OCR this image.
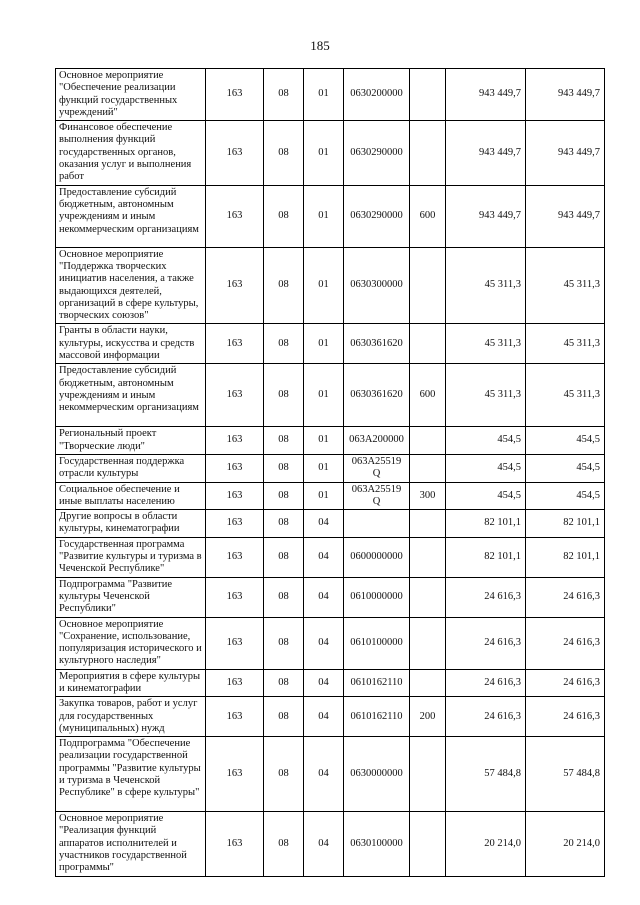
185
Основное мероприятие "Обеспечение реализации функций государственных учреждений"	163	08	01	0630200000		943 449,7	943 449,7
Финансовое обеспечение выполнения функций государственных органов, оказания услуг и выполнения работ	163	08	01	0630290000		943 449,7	943 449,7
Предоставление субсидий бюджетным, автономным учреждениям и иным некоммерческим организациям	163	08	01	0630290000	600	943 449,7	943 449,7
Основное мероприятие "Поддержка творческих инициатив населения, а также выдающихся деятелей, организаций в сфере культуры, творческих союзов"	163	08	01	0630300000		45 311,3	45 311,3
Гранты в области науки, культуры, искусства и средств массовой информации	163	08	01	0630361620		45 311,3	45 311,3
Предоставление субсидий бюджетным, автономным учреждениям и иным некоммерческим организациям	163	08	01	0630361620	600	45 311,3	45 311,3
Региональный проект "Творческие люди"	163	08	01	063A200000		454,5	454,5
Государственная поддержка отрасли культуры	163	08	01	063A25519 Q		454,5	454,5
Социальное обеспечение и иные выплаты населению	163	08	01	063A25519 Q	300	454,5	454,5
Другие вопросы в области культуры, кинематографии	163	08	04			82 101,1	82 101,1
Государственная программа "Развитие культуры и туризма в Чеченской Республике"	163	08	04	0600000000		82 101,1	82 101,1
Подпрограмма "Развитие культуры Чеченской Республики"	163	08	04	0610000000		24 616,3	24 616,3
Основное мероприятие "Сохранение, использование, популяризация исторического и культурного наследия"	163	08	04	0610100000		24 616,3	24 616,3
Мероприятия в сфере культуры и кинематографии	163	08	04	0610162110		24 616,3	24 616,3
Закупка товаров, работ и услуг для государственных (муниципальных) нужд	163	08	04	0610162110	200	24 616,3	24 616,3
Подпрограмма "Обеспечение реализации государственной программы "Развитие культуры и туризма в Чеченской Республике" в сфере культуры"	163	08	04	0630000000		57 484,8	57 484,8
Основное мероприятие "Реализация функций аппаратов исполнителей и участников государственной программы"	163	08	04	0630100000		20 214,0	20 214,0
